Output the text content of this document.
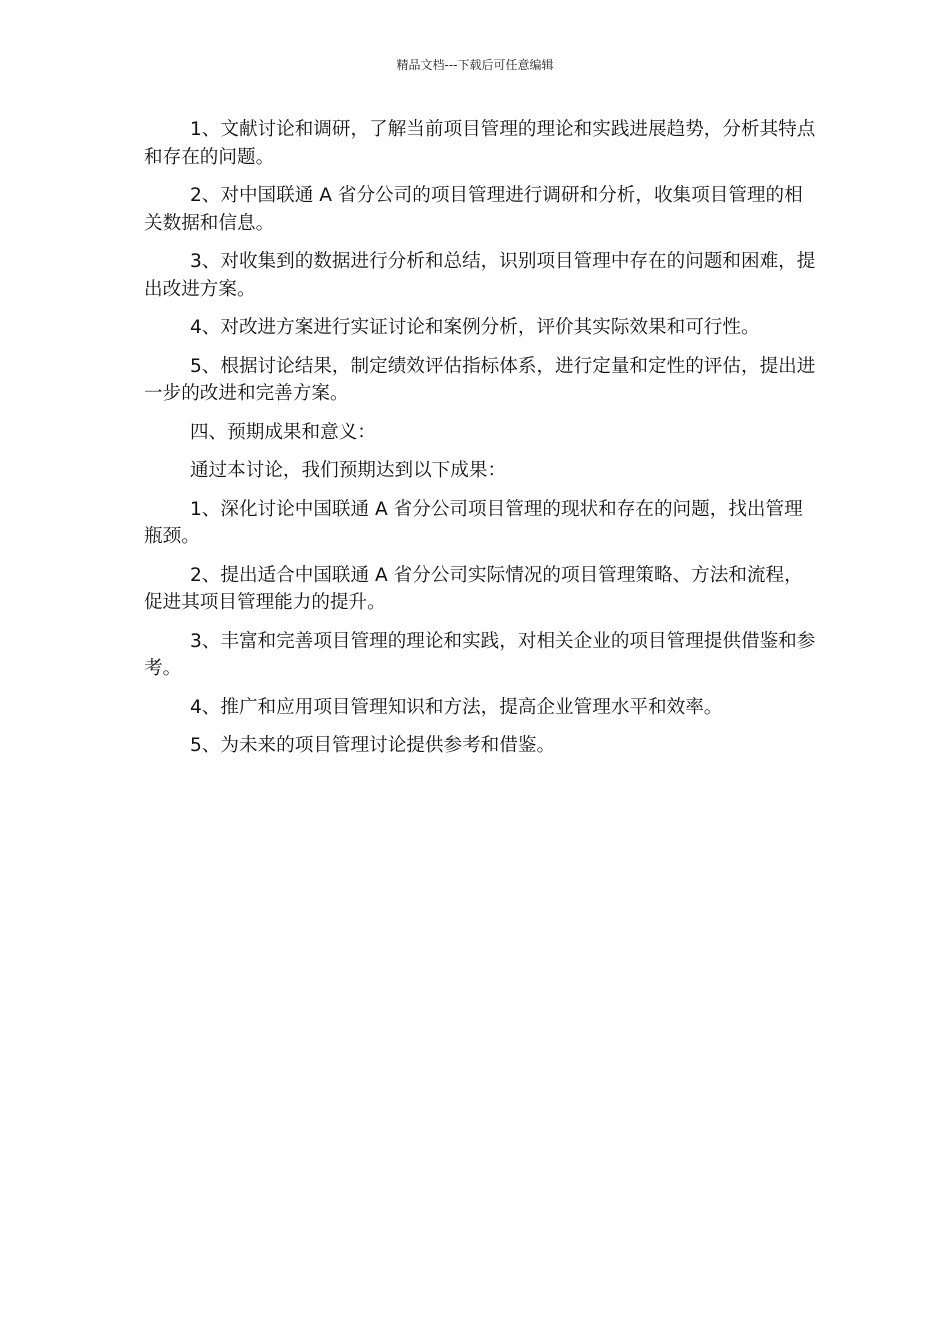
精品文档---下载后可任意编辑

1、文献讨论和调研，了解当前项目管理的理论和实践进展趋势，分析其特点和存在的问题。

2、对中国联通 A 省分公司的项目管理进行调研和分析，收集项目管理的相关数据和信息。

3、对收集到的数据进行分析和总结，识别项目管理中存在的问题和困难，提出改进方案。

4、对改进方案进行实证讨论和案例分析，评价其实际效果和可行性。

5、根据讨论结果，制定绩效评估指标体系，进行定量和定性的评估，提出进一步的改进和完善方案。

四、预期成果和意义：

通过本讨论，我们预期达到以下成果：

1、深化讨论中国联通 A 省分公司项目管理的现状和存在的问题，找出管理瓶颈。

2、提出适合中国联通 A 省分公司实际情况的项目管理策略、方法和流程，促进其项目管理能力的提升。

3、丰富和完善项目管理的理论和实践，对相关企业的项目管理提供借鉴和参考。

4、推广和应用项目管理知识和方法，提高企业管理水平和效率。

5、为未来的项目管理讨论提供参考和借鉴。
